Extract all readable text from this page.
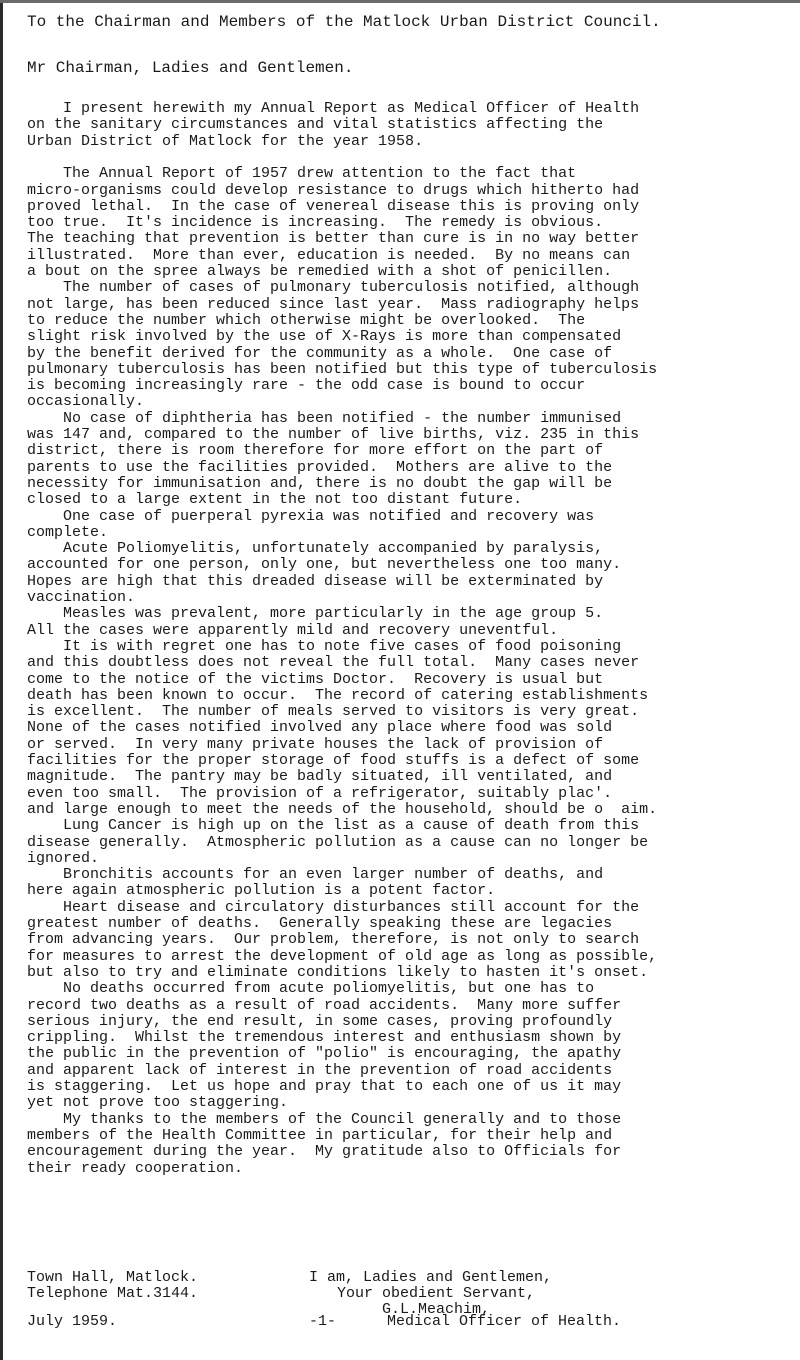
To the Chairman and Members of the Matlock Urban District Council.

Mr Chairman, Ladies and Gentlemen.

I present herewith my Annual Report as Medical Officer of Health

on the sanitary circumstances and vital statistics affecting the

Urban District of Matlock for the year 1958.

The Annual Report of 1957 drew attention to the fact that

micro-organisms could develop resistance to drugs which hitherto had

proved lethal.  In the case of venereal disease this is proving only

too true.  It's incidence is increasing.  The remedy is obvious.

The teaching that prevention is better than cure is in no way better

illustrated.  More than ever, education is needed.  By no means can

a bout on the spree always be remedied with a shot of penicillen.

The number of cases of pulmonary tuberculosis notified, although

not large, has been reduced since last year.  Mass radiography helps

to reduce the number which otherwise might be overlooked.  The

slight risk involved by the use of X-Rays is more than compensated

by the benefit derived for the community as a whole.  One case of

pulmonary tuberculosis has been notified but this type of tuberculosis

is becoming increasingly rare - the odd case is bound to occur

occasionally.

No case of diphtheria has been notified - the number immunised

was 147 and, compared to the number of live births, viz. 235 in this

district, there is room therefore for more effort on the part of

parents to use the facilities provided.  Mothers are alive to the

necessity for immunisation and, there is no doubt the gap will be

closed to a large extent in the not too distant future.

One case of puerperal pyrexia was notified and recovery was

complete.

Acute Poliomyelitis, unfortunately accompanied by paralysis,

accounted for one person, only one, but nevertheless one too many.

Hopes are high that this dreaded disease will be exterminated by

vaccination.

Measles was prevalent, more particularly in the age group 5.

All the cases were apparently mild and recovery uneventful.

It is with regret one has to note five cases of food poisoning

and this doubtless does not reveal the full total.  Many cases never

come to the notice of the victims Doctor.  Recovery is usual but

death has been known to occur.  The record of catering establishments

is excellent.  The number of meals served to visitors is very great.

None of the cases notified involved any place where food was sold

or served.  In very many private houses the lack of provision of

facilities for the proper storage of food stuffs is a defect of some

magnitude.  The pantry may be badly situated, ill ventilated, and

even too small.  The provision of a refrigerator, suitably plac'.

and large enough to meet the needs of the household, should be o  aim.

Lung Cancer is high up on the list as a cause of death from this

disease generally.  Atmospheric pollution as a cause can no longer be

ignored.

Bronchitis accounts for an even larger number of deaths, and

here again atmospheric pollution is a potent factor.

Heart disease and circulatory disturbances still account for the

greatest number of deaths.  Generally speaking these are legacies

from advancing years.  Our problem, therefore, is not only to search

for measures to arrest the development of old age as long as possible,

but also to try and eliminate conditions likely to hasten it's onset.

No deaths occurred from acute poliomyelitis, but one has to

record two deaths as a result of road accidents.  Many more suffer

serious injury, the end result, in some cases, proving profoundly

crippling.  Whilst the tremendous interest and enthusiasm shown by

the public in the prevention of "polio" is encouraging, the apathy

and apparent lack of interest in the prevention of road accidents

is staggering.  Let us hope and pray that to each one of us it may

yet not prove too staggering.

My thanks to the members of the Council generally and to those

members of the Health Committee in particular, for their help and

encouragement during the year.  My gratitude also to Officials for

their ready cooperation.

Town Hall, Matlock.
Telephone Mat.3144.
July 1959.	-1-
I am, Ladies and Gentlemen,
Your obedient Servant,
G.L.Meachim,
Medical Officer of Health.
